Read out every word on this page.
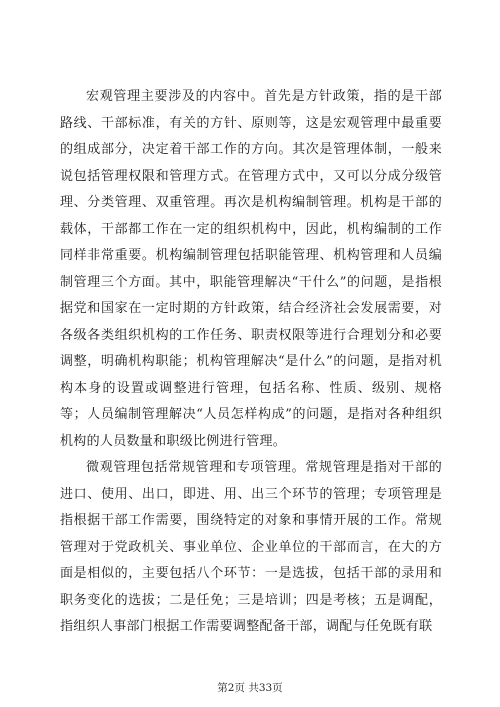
宏观管理主要涉及的内容中。首先是方针政策，指的是干部路线、干部标准，有关的方针、原则等，这是宏观管理中最重要的组成部分，决定着干部工作的方向。其次是管理体制，一般来说包括管理权限和管理方式。在管理方式中，又可以分成分级管理、分类管理、双重管理。再次是机构编制管理。机构是干部的载体，干部都工作在一定的组织机构中，因此，机构编制的工作同样非常重要。机构编制管理包括职能管理、机构管理和人员编制管理三个方面。其中，职能管理解决“干什么”的问题，是指根据党和国家在一定时期的方针政策，结合经济社会发展需要，对各级各类组织机构的工作任务、职责权限等进行合理划分和必要调整，明确机构职能；机构管理解决“是什么”的问题，是指对机构本身的设置或调整进行管理，包括名称、性质、级别、规格等；人员编制管理解决“人员怎样构成”的问题，是指对各种组织机构的人员数量和职级比例进行管理。

微观管理包括常规管理和专项管理。常规管理是指对干部的进口、使用、出口，即进、用、出三个环节的管理；专项管理是指根据干部工作需要，围绕特定的对象和事情开展的工作。常规管理对于党政机关、事业单位、企业单位的干部而言，在大的方面是相似的，主要包括八个环节：一是选拔，包括干部的录用和职务变化的选拔；二是任免；三是培训；四是考核；五是调配，指组织人事部门根据工作需要调整配备干部，调配与任免既有联

第2页 共33页
